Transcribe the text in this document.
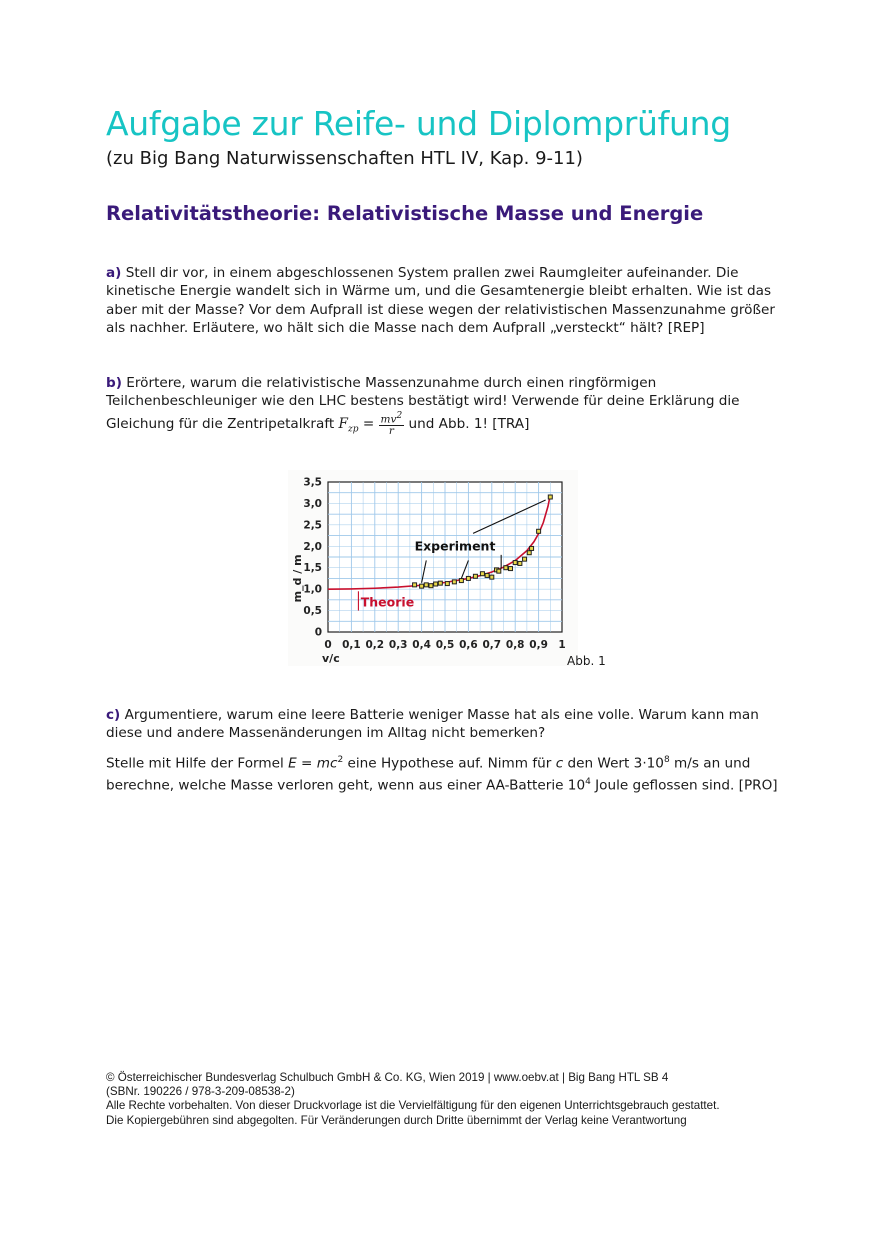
Aufgabe zur Reife- und Diplomprüfung
(zu Big Bang Naturwissenschaften HTL IV, Kap. 9-11)
Relativitätstheorie: Relativistische Masse und Energie

a) Stell dir vor, in einem abgeschlossenen System prallen zwei Raumgleiter aufeinander. Die kinetische Energie wandelt sich in Wärme um, und die Gesamtenergie bleibt erhalten. Wie ist das aber mit der Masse? Vor dem Aufprall ist diese wegen der relativistischen Massenzunahme größer als nachher. Erläutere, wo hält sich die Masse nach dem Aufprall „versteckt“ hält? [REP]

b) Erörtere, warum die relativistische Massenzunahme durch einen ringförmigen Teilchenbeschleuniger wie den LHC bestens bestätigt wird! Verwende für deine Erklärung die Gleichung für die Zentripetalkraft $F_{zp} = \frac{mv^2}{r}$ und Abb. 1! [TRA]

0 0,1 0,2 0,3 0,4 0,5 0,6 0,7 0,8 0,9 1
0
0,5
1,0
1,5
2,0
2,5
3,0
3,5
v/c
m_d / m
Experiment
Theorie
Abb. 1

c) Argumentiere, warum eine leere Batterie weniger Masse hat als eine volle. Warum kann man diese und andere Massenänderungen im Alltag nicht bemerken?

Stelle mit Hilfe der Formel $E = mc^2$ eine Hypothese auf. Nimm für c den Wert $3\cdot 10^8$ m/s an und berechne, welche Masse verloren geht, wenn aus einer AA-Batterie $10^4$ Joule geflossen sind. [PRO]

© Österreichischer Bundesverlag Schulbuch GmbH & Co. KG, Wien 2019 | www.oebv.at | Big Bang HTL SB 4
(SBNr. 190226 / 978-3-209-08538-2)
Alle Rechte vorbehalten. Von dieser Druckvorlage ist die Vervielfältigung für den eigenen Unterrichtsgebrauch gestattet.
Die Kopiergebühren sind abgegolten. Für Veränderungen durch Dritte übernimmt der Verlag keine Verantwortung
